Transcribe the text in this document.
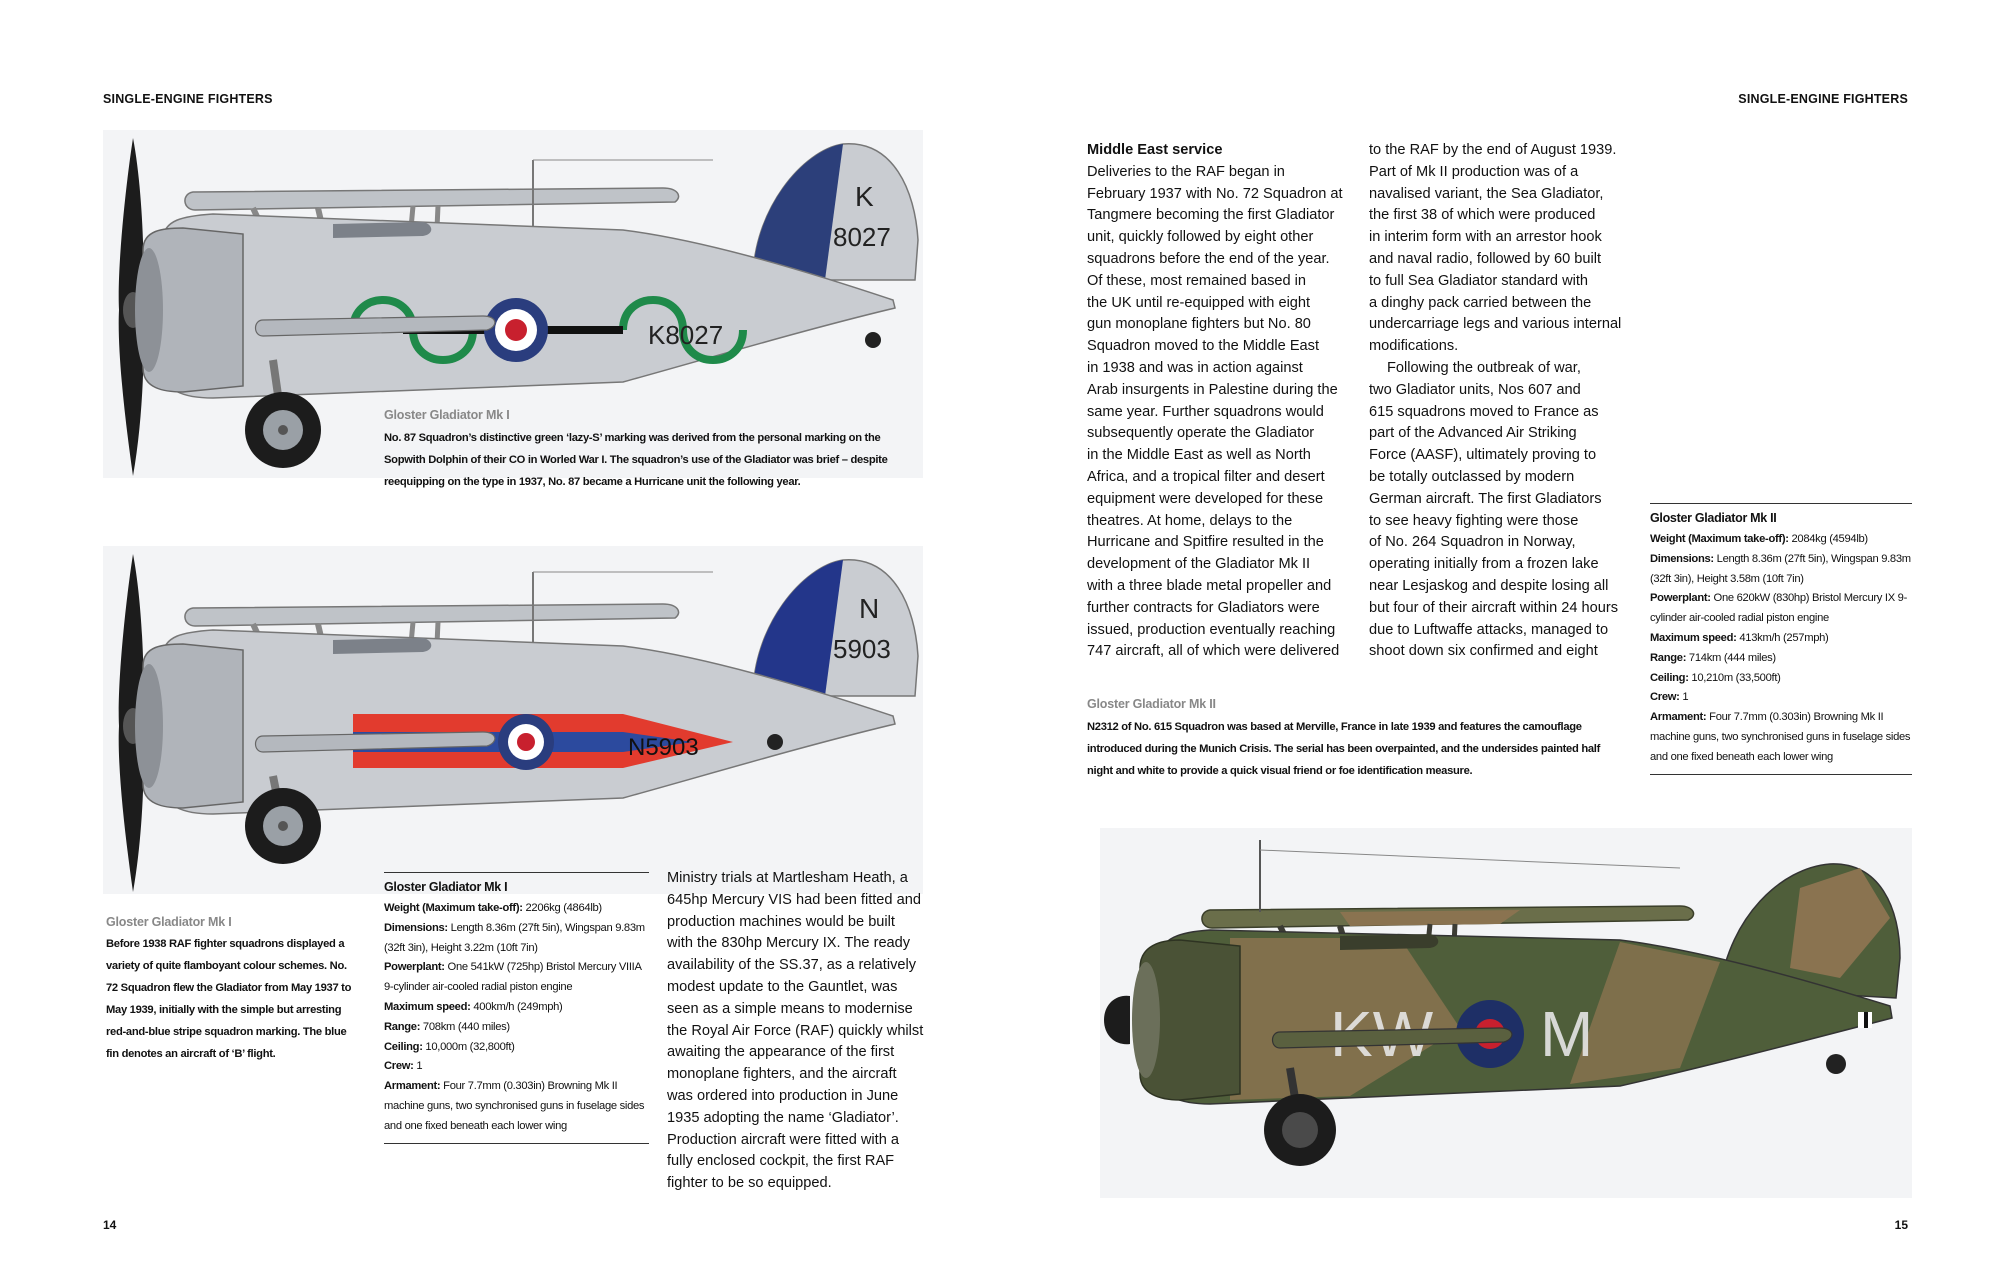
SINGLE-ENGINE FIGHTERS	SINGLE-ENGINE FIGHTERS
14	15
K8027
K
8027
Gloster Gladiator Mk I
No. 87 Squadron’s distinctive green ‘lazy-S’ marking was derived from the personal marking on the
Sopwith Dolphin of their CO in Worled War I. The squadron’s use of the Gladiator was brief – despite
reequipping on the type in 1937, No. 87 became a Hurricane unit the following year.
N5903
N
5903
Gloster Gladiator Mk I
Before 1938 RAF fighter squadrons displayed a
variety of quite flamboyant colour schemes. No.
72 Squadron flew the Gladiator from May 1937 to
May 1939, initially with the simple but arresting
red-and-blue stripe squadron marking. The blue
fin denotes an aircraft of ‘B’ flight.
Gloster Gladiator Mk I
Weight (Maximum take-off): 2206kg (4864lb)
Dimensions: Length 8.36m (27ft 5in), Wingspan 9.83m (32ft 3in), Height 3.22m (10ft 7in)
Powerplant: One 541kW (725hp) Bristol Mercury VIIIA 9-cylinder air-cooled radial piston engine
Maximum speed: 400km/h (249mph)
Range: 708km (440 miles)
Ceiling: 10,000m (32,800ft)
Crew: 1
Armament: Four 7.7mm (0.303in) Browning Mk II machine guns, two synchronised guns in fuselage sides and one fixed beneath each lower wing

Ministry trials at Martlesham Heath, a

645hp Mercury VIS had been fitted and

production machines would be built

with the 830hp Mercury IX. The ready

availability of the SS.37, as a relatively

modest update to the Gauntlet, was

seen as a simple means to modernise

the Royal Air Force (RAF) quickly whilst

awaiting the appearance of the first

monoplane fighters, and the aircraft

was ordered into production in June

1935 adopting the name ‘Gladiator’.

Production aircraft were fitted with a

fully enclosed cockpit, the first RAF

fighter to be so equipped.

Middle East service

Deliveries to the RAF began in

February 1937 with No. 72 Squadron at

Tangmere becoming the first Gladiator

unit, quickly followed by eight other

squadrons before the end of the year.

Of these, most remained based in

the UK until re-equipped with eight

gun monoplane fighters but No. 80

Squadron moved to the Middle East

in 1938 and was in action against

Arab insurgents in Palestine during the

same year. Further squadrons would

subsequently operate the Gladiator

in the Middle East as well as North

Africa, and a tropical filter and desert

equipment were developed for these

theatres. At home, delays to the

Hurricane and Spitfire resulted in the

development of the Gladiator Mk II

with a three blade metal propeller and

further contracts for Gladiators were

issued, production eventually reaching

747 aircraft, all of which were delivered

to the RAF by the end of August 1939.

Part of Mk II production was of a

navalised variant, the Sea Gladiator,

the first 38 of which were produced

in interim form with an arrestor hook

and naval radio, followed by 60 built

to full Sea Gladiator standard with

a dinghy pack carried between the

undercarriage legs and various internal

modifications.

Following the outbreak of war,

two Gladiator units, Nos 607 and

615 squadrons moved to France as

part of the Advanced Air Striking

Force (AASF), ultimately proving to

be totally outclassed by modern

German aircraft. The first Gladiators

to see heavy fighting were those

of No. 264 Squadron in Norway,

operating initially from a frozen lake

near Lesjaskog and despite losing all

but four of their aircraft within 24 hours

due to Luftwaffe attacks, managed to

shoot down six confirmed and eight

Gloster Gladiator Mk II
N2312 of No. 615 Squadron was based at Merville, France in late 1939 and features the camouflage
introduced during the Munich Crisis. The serial has been overpainted, and the undersides painted half
night and white to provide a quick visual friend or foe identification measure.
Gloster Gladiator Mk II
Weight (Maximum take-off): 2084kg (4594lb)
Dimensions: Length 8.36m (27ft 5in), Wingspan 9.83m (32ft 3in), Height 3.58m (10ft 7in)
Powerplant: One 620kW (830hp) Bristol Mercury IX 9-cylinder air-cooled radial piston engine
Maximum speed: 413km/h (257mph)
Range: 714km (444 miles)
Ceiling: 10,210m (33,500ft)
Crew: 1
Armament: Four 7.7mm (0.303in) Browning Mk II machine guns, two synchronised guns in fuselage sides and one fixed beneath each lower wing
M
